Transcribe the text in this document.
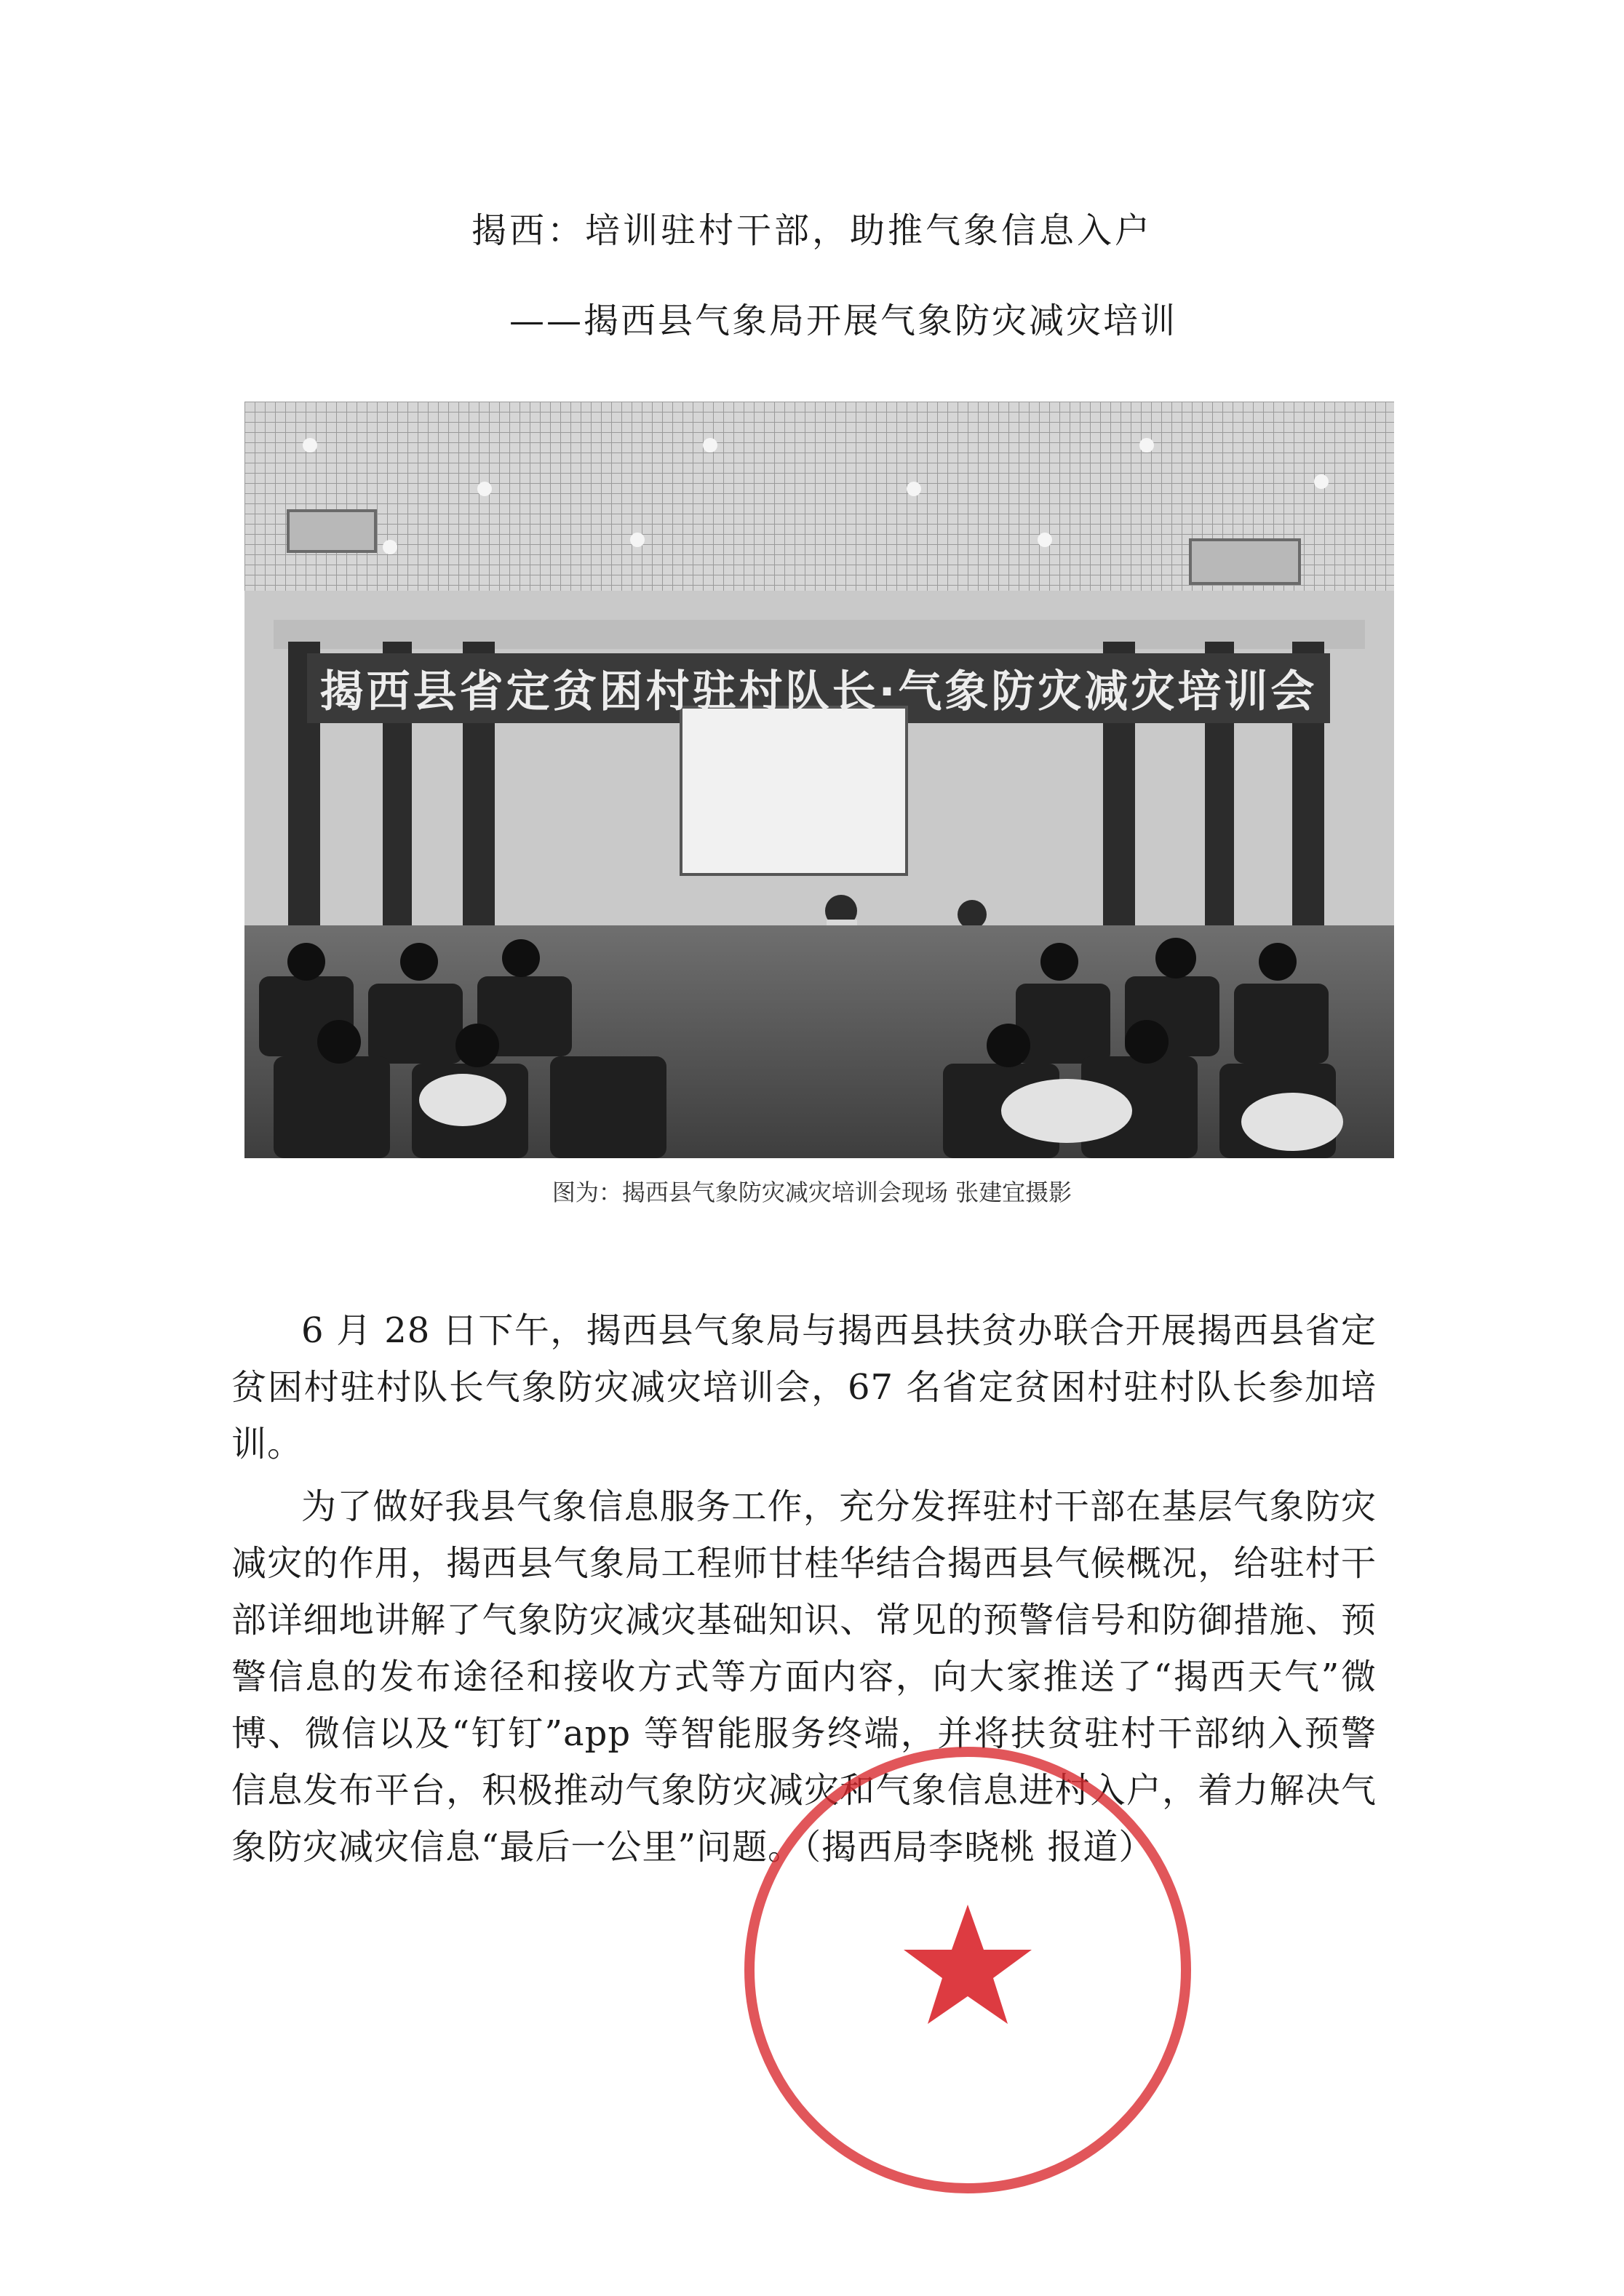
揭西：培训驻村干部，助推气象信息入户
——揭西县气象局开展气象防灾减灾培训
揭西县省定贫困村驻村队长·气象防灾减灾培训会
图为：揭西县气象防灾减灾培训会现场 张建宜摄影

6 月 28 日下午，揭西县气象局与揭西县扶贫办联合开展揭西县省定贫困村驻村队长气象防灾减灾培训会，67 名省定贫困村驻村队长参加培训。

为了做好我县气象信息服务工作，充分发挥驻村干部在基层气象防灾减灾的作用，揭西县气象局工程师甘桂华结合揭西县气候概况，给驻村干部详细地讲解了气象防灾减灾基础知识、常见的预警信号和防御措施、预警信息的发布途径和接收方式等方面内容，向大家推送了“揭西天气”微博、微信以及“钉钉”app 等智能服务终端，并将扶贫驻村干部纳入预警信息发布平台，积极推动气象防灾减灾和气象信息进村入户，着力解决气象防灾减灾信息“最后一公里”问题。（揭西局李晓桃 报道）
